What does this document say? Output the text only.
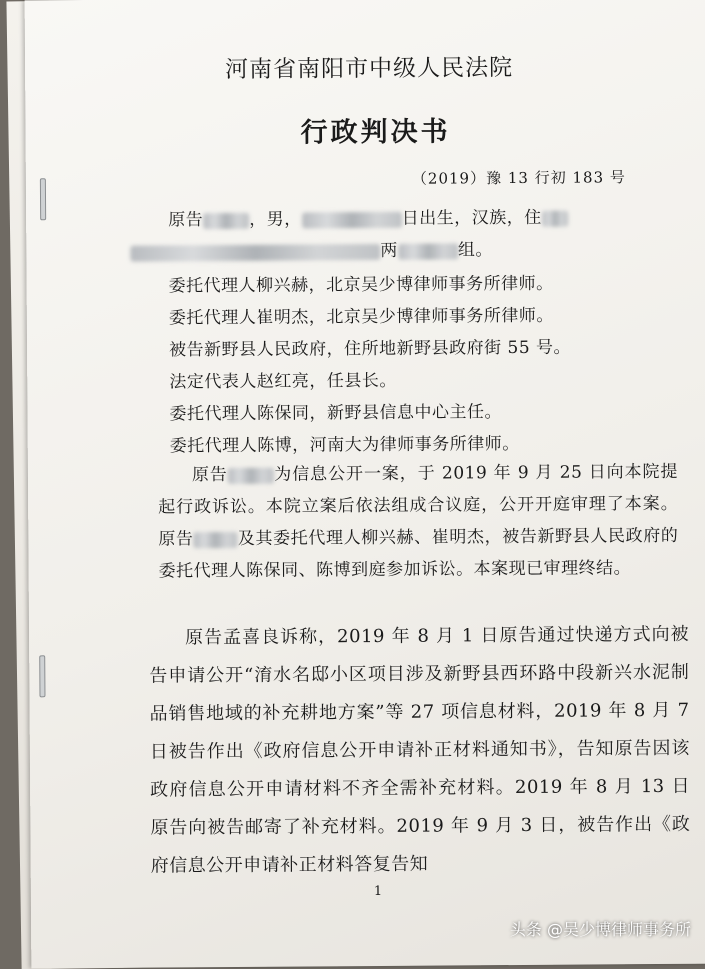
河南省南阳市中级人民法院
行政判决书
（2019）豫 13 行初 183 号
原告	，男，	日出生，汉族，住
两	组。
委托代理人柳兴赫，北京吴少博律师事务所律师。
委托代理人崔明杰，北京吴少博律师事务所律师。
被告新野县人民政府，住所地新野县政府街 55 号。
法定代表人赵红亮，任县长。
委托代理人陈保同，新野县信息中心主任。
委托代理人陈博，河南大为律师事务所律师。
原告	为信息公开一案，于 2019 年 9 月 25 日向本院提起行政诉讼。本院立案后依法组成合议庭，公开开庭审理了本案。原告	及其委托代理人柳兴赫、崔明杰，被告新野县人民政府的委托代理人陈保同、陈博到庭参加诉讼。本案现已审理终结。
原告孟喜良诉称，2019 年 8 月 1 日原告通过快递方式向被告申请公开“淯水名邸小区项目涉及新野县西环路中段新兴水泥制品销售地域的补充耕地方案”等 27 项信息材料，2019 年 8 月 7 日被告作出《政府信息公开申请补正材料通知书》，告知原告因该政府信息公开申请材料不齐全需补充材料。2019 年 8 月 13 日原告向被告邮寄了补充材料。2019 年 9 月 3 日，被告作出《政府信息公开申请补正材料答复告知
1
头条 @吴少博律师事务所
